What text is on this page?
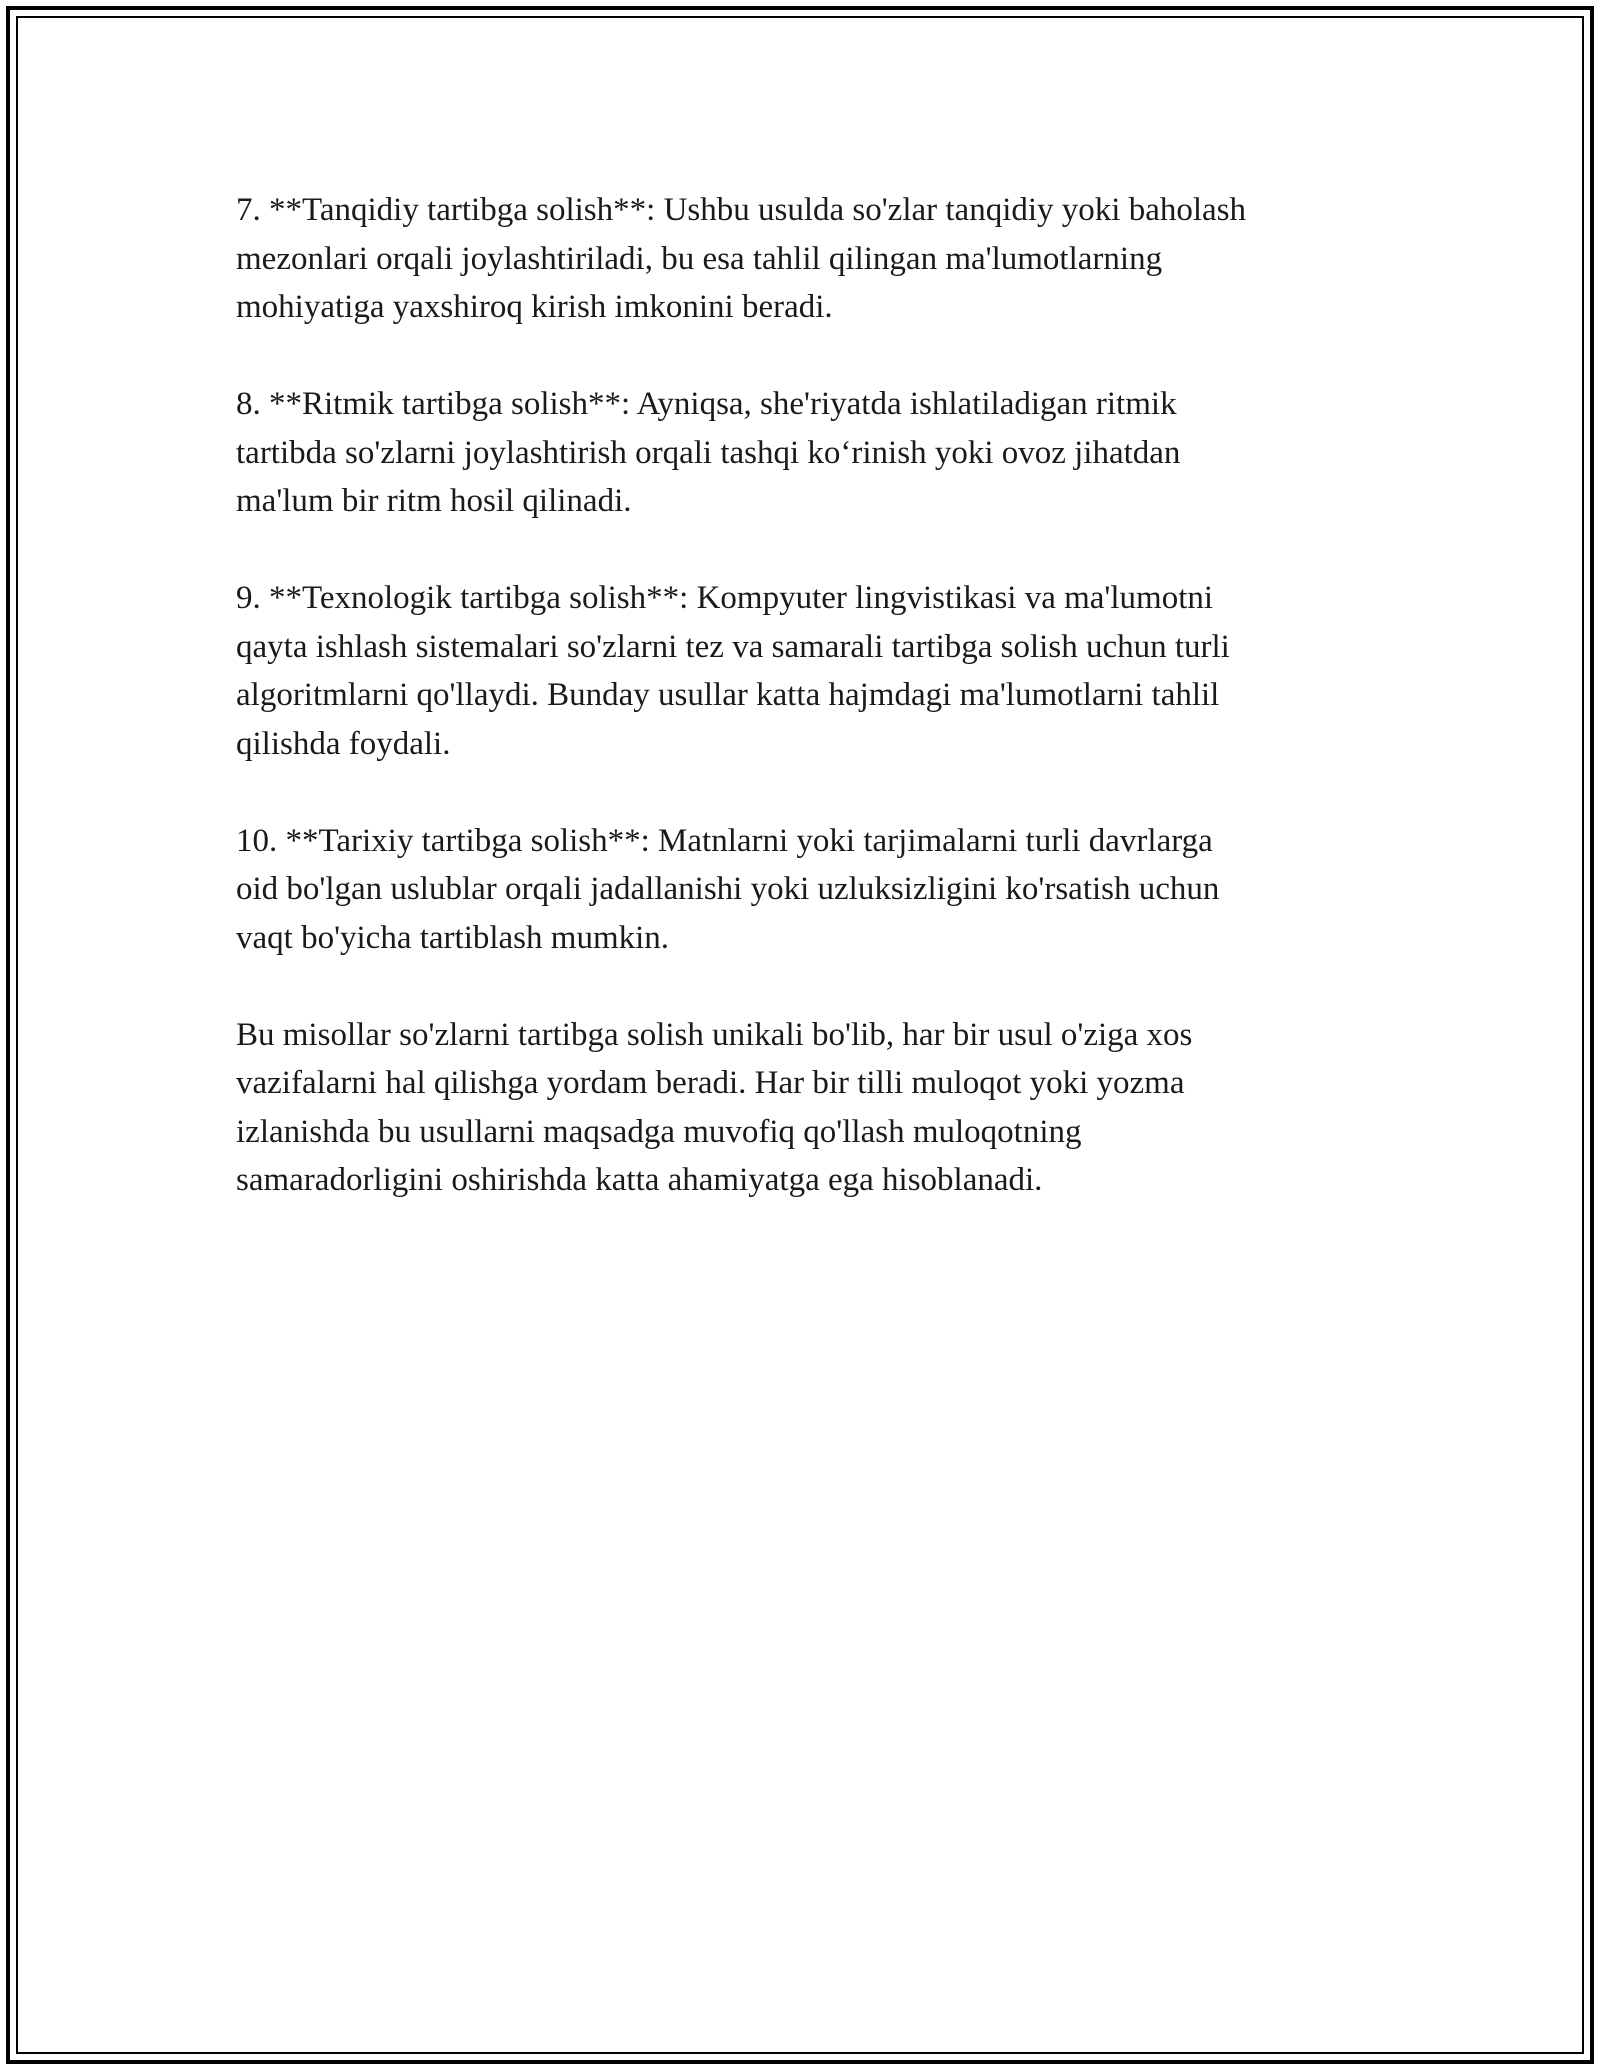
7. **Tanqidiy tartibga solish**: Ushbu usulda so'zlar tanqidiy yoki baholash
mezonlari orqali joylashtiriladi, bu esa tahlil qilingan ma'lumotlarning
mohiyatiga yaxshiroq kirish imkonini beradi.

8. **Ritmik tartibga solish**: Ayniqsa, she'riyatda ishlatiladigan ritmik
tartibda so'zlarni joylashtirish orqali tashqi ko‘rinish yoki ovoz jihatdan
ma'lum bir ritm hosil qilinadi.

9. **Texnologik tartibga solish**: Kompyuter lingvistikasi va ma'lumotni
qayta ishlash sistemalari so'zlarni tez va samarali tartibga solish uchun turli
algoritmlarni qo'llaydi. Bunday usullar katta hajmdagi ma'lumotlarni tahlil
qilishda foydali.

10. **Tarixiy tartibga solish**: Matnlarni yoki tarjimalarni turli davrlarga
oid bo'lgan uslublar orqali jadallanishi yoki uzluksizligini ko'rsatish uchun
vaqt bo'yicha tartiblash mumkin.

Bu misollar so'zlarni tartibga solish unikali bo'lib, har bir usul o'ziga xos
vazifalarni hal qilishga yordam beradi. Har bir tilli muloqot yoki yozma
izlanishda bu usullarni maqsadga muvofiq qo'llash muloqotning
samaradorligini oshirishda katta ahamiyatga ega hisoblanadi.
